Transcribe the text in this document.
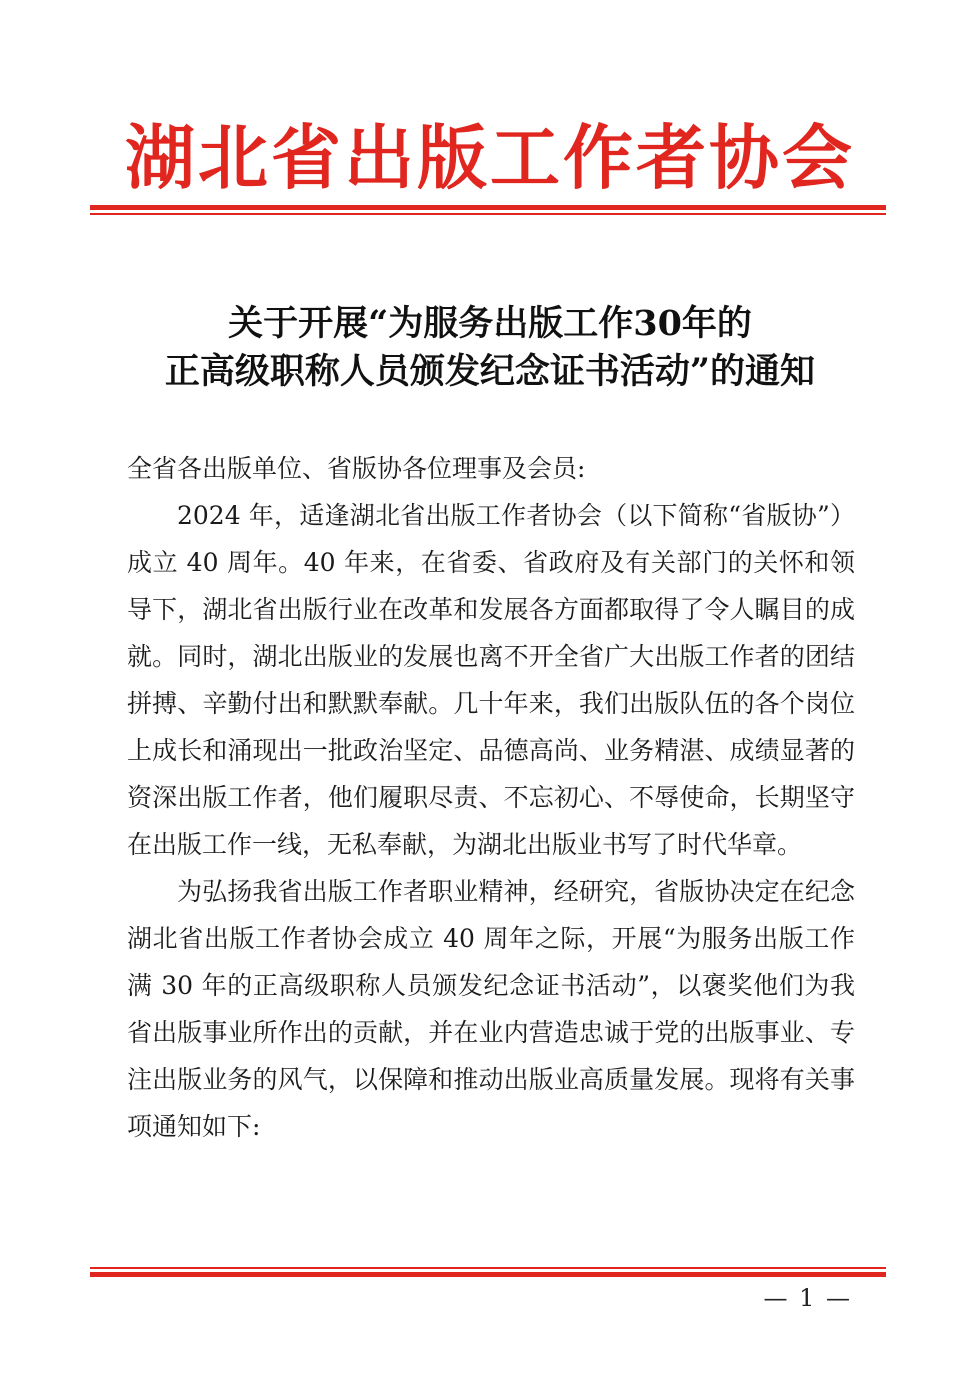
湖北省出版工作者协会
关于开展“为服务出版工作30年的
正高级职称人员颁发纪念证书活动”的通知

全省各出版单位、省版协各位理事及会员:

2024 年，适逢湖北省出版工作者协会（以下简称“省版协”）成立 40 周年。40 年来，在省委、省政府及有关部门的关怀和领导下，湖北省出版行业在改革和发展各方面都取得了令人瞩目的成就。同时，湖北出版业的发展也离不开全省广大出版工作者的团结拼搏、辛勤付出和默默奉献。几十年来，我们出版队伍的各个岗位上成长和涌现出一批政治坚定、品德高尚、业务精湛、成绩显著的资深出版工作者，他们履职尽责、不忘初心、不辱使命，长期坚守在出版工作一线，无私奉献，为湖北出版业书写了时代华章。

为弘扬我省出版工作者职业精神，经研究，省版协决定在纪念湖北省出版工作者协会成立 40 周年之际，开展“为服务出版工作满 30 年的正高级职称人员颁发纪念证书活动”，以褒奖他们为我省出版事业所作出的贡献，并在业内营造忠诚于党的出版事业、专注出版业务的风气，以保障和推动出版业高质量发展。现将有关事项通知如下:

— 1 —
